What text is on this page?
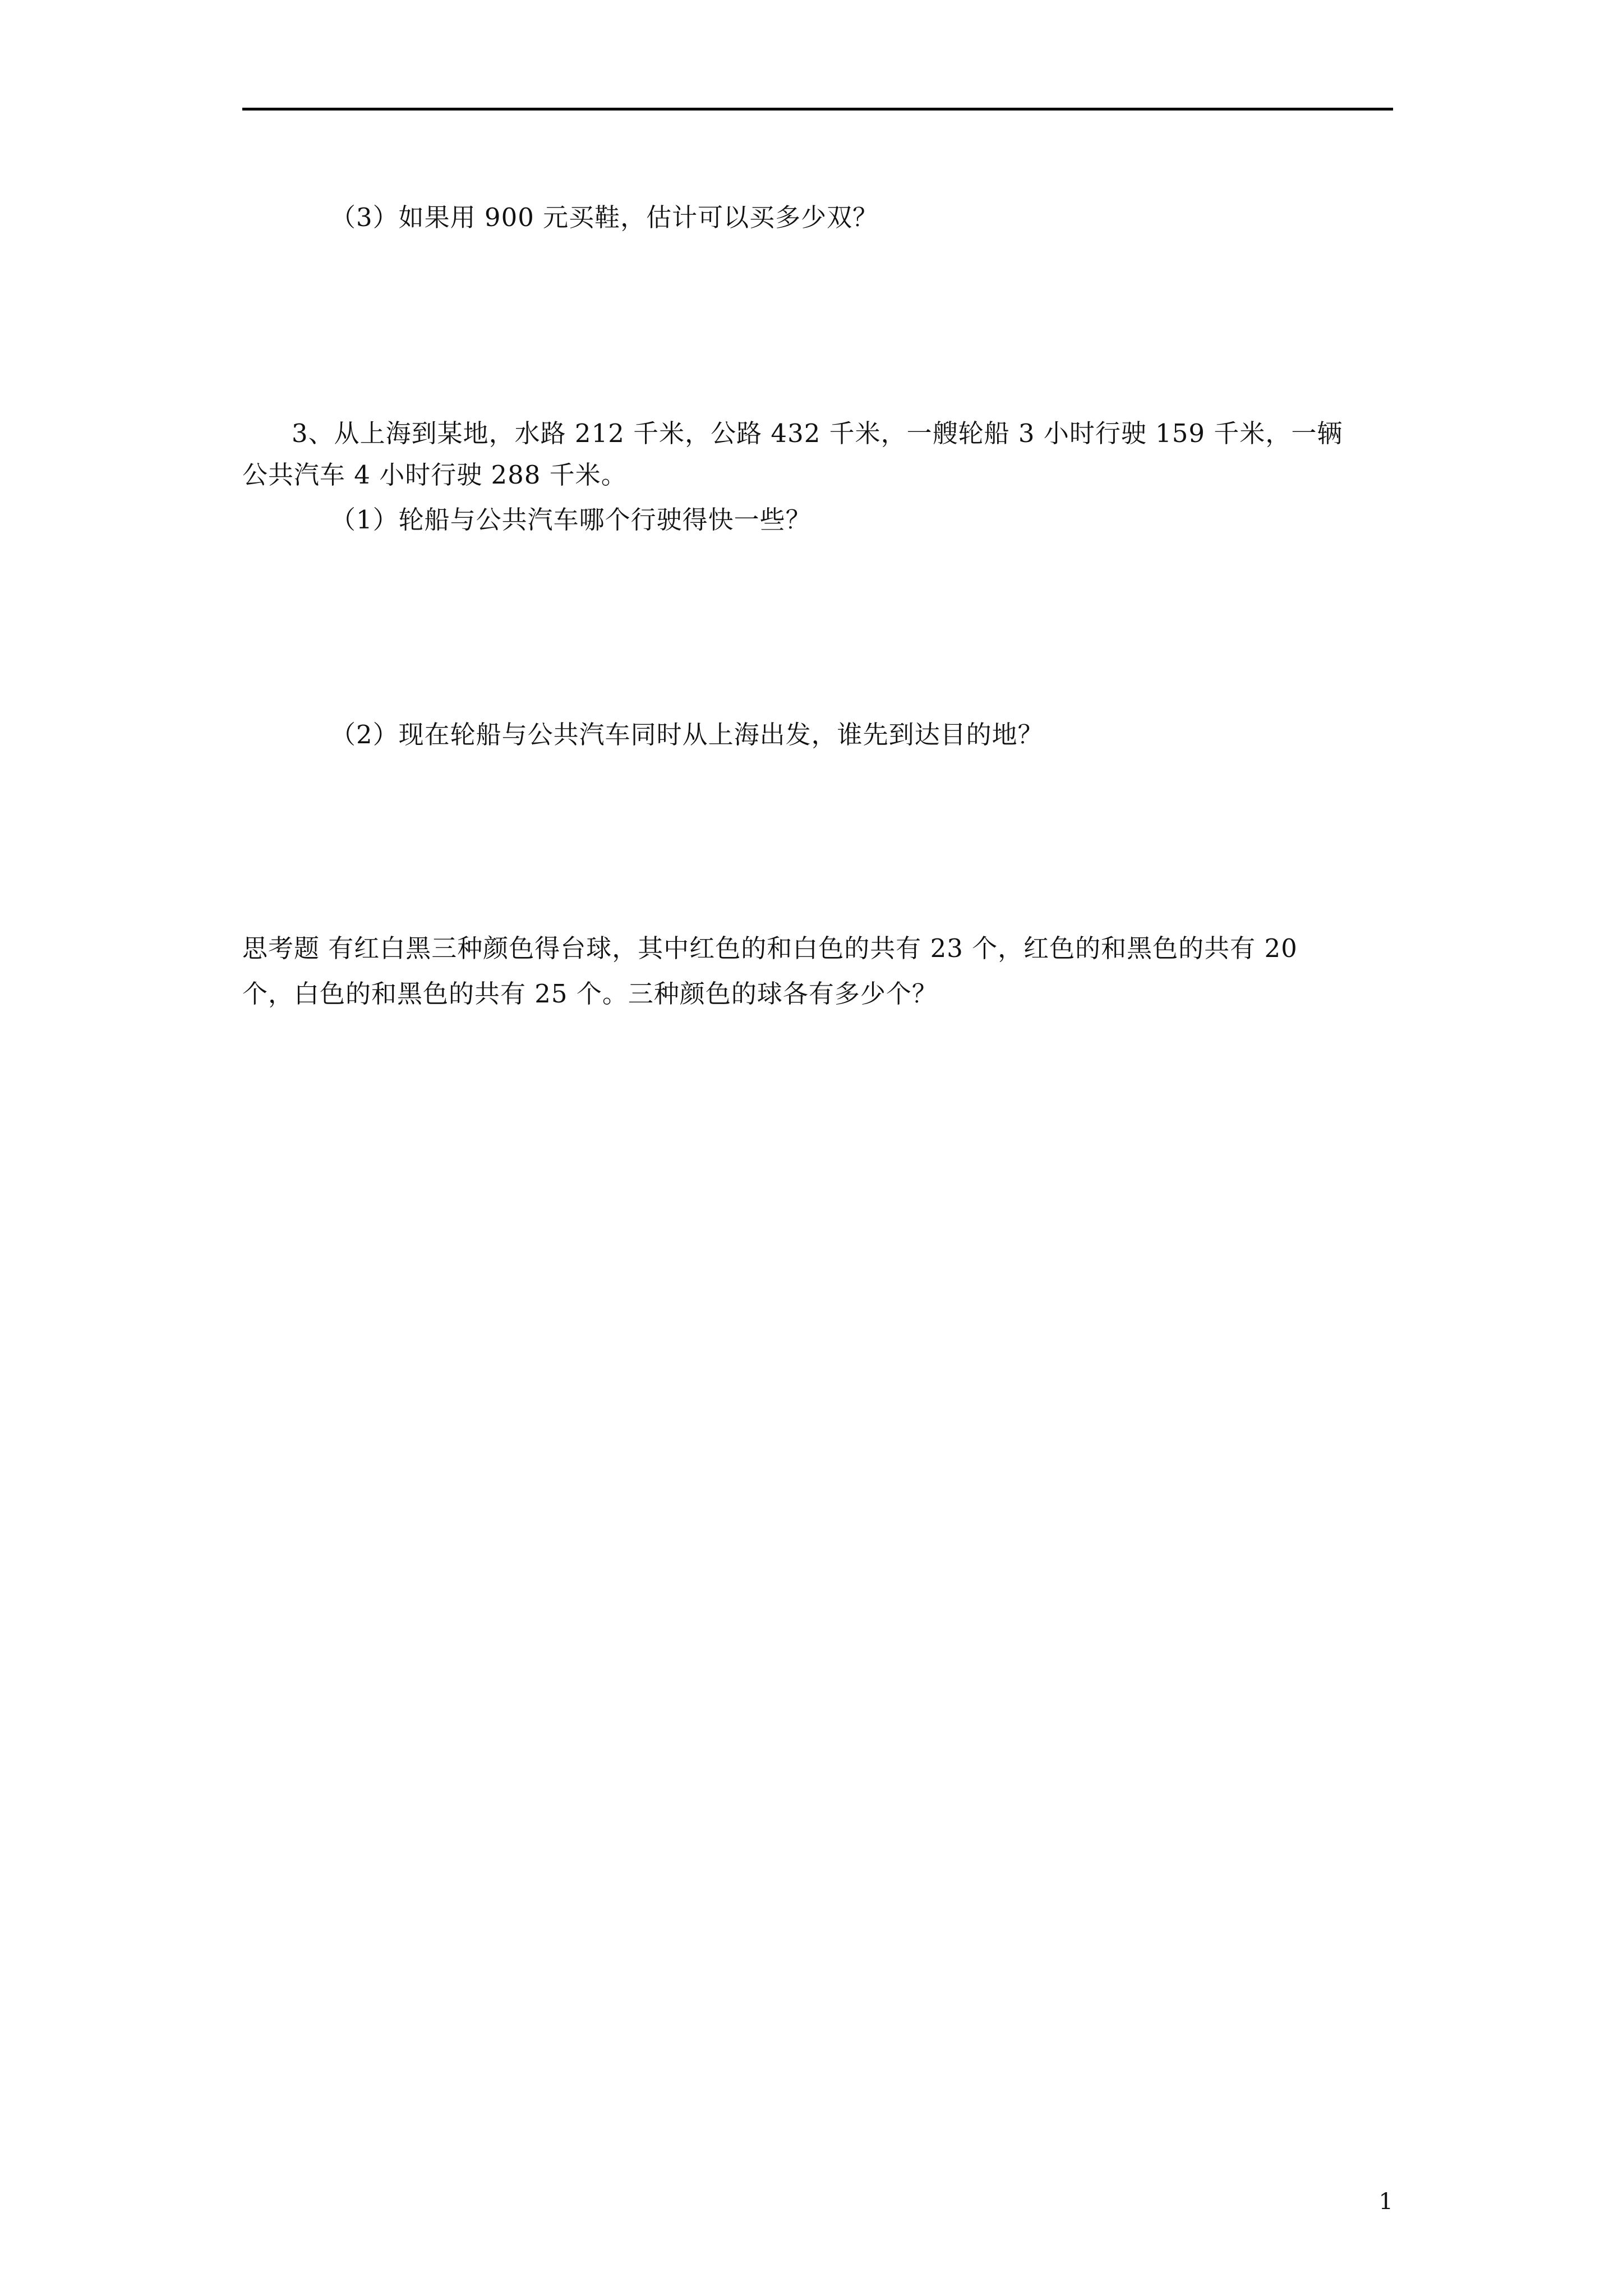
（3）如果用 900 元买鞋，估计可以买多少双？
3、从上海到某地，水路 212 千米，公路 432 千米，一艘轮船 3 小时行驶 159 千米，一辆
公共汽车 4 小时行驶 288 千米。
（1）轮船与公共汽车哪个行驶得快一些？
（2）现在轮船与公共汽车同时从上海出发，谁先到达目的地？
思考题 有红白黑三种颜色得台球，其中红色的和白色的共有 23 个，红色的和黑色的共有 20
个，白色的和黑色的共有 25 个。三种颜色的球各有多少个？
1
